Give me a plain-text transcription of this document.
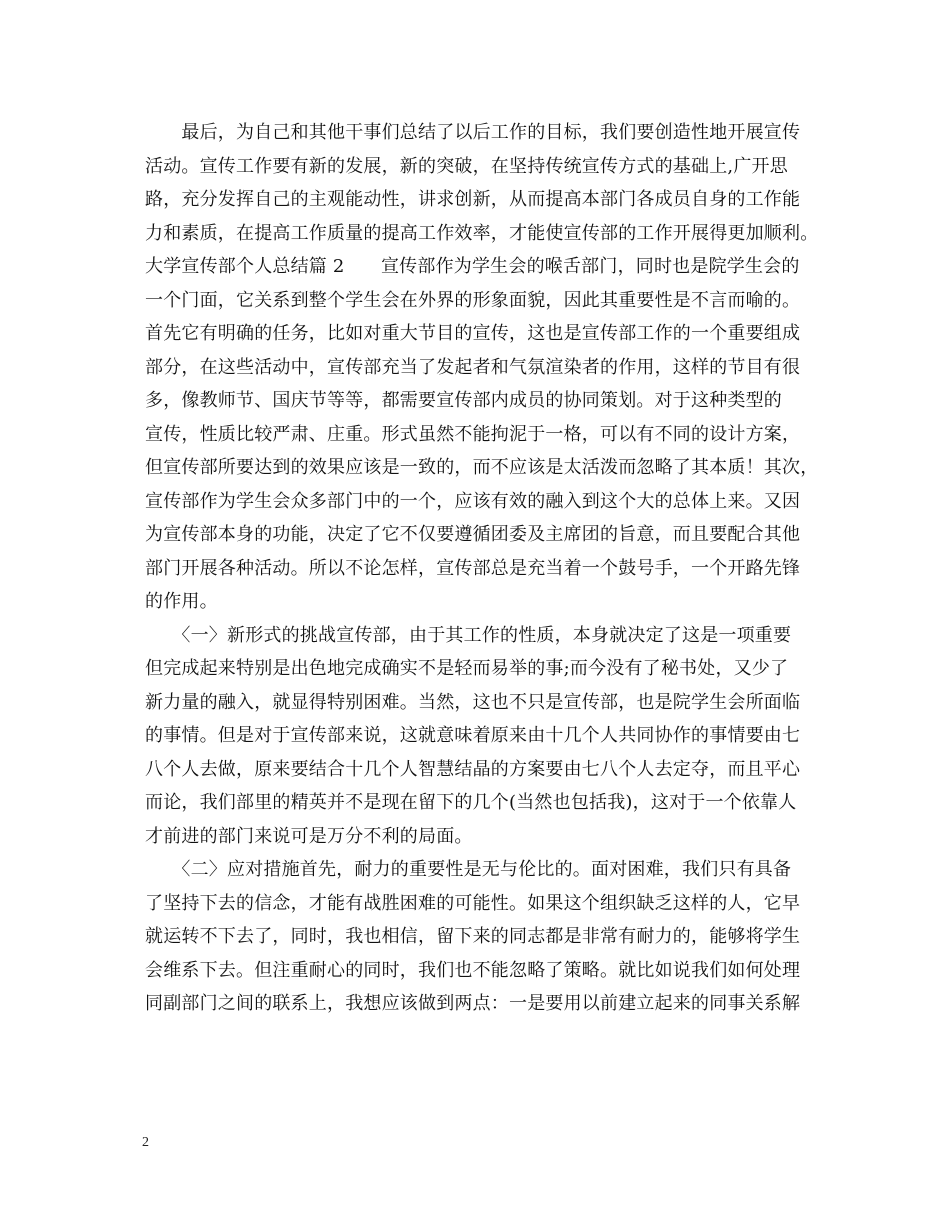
　　最后，为自己和其他干事们总结了以后工作的目标，我们要创造性地开展宣传
活动。宣传工作要有新的发展，新的突破，在坚持传统宣传方式的基础上,广开思
路，充分发挥自己的主观能动性，讲求创新，从而提高本部门各成员自身的工作能
力和素质，在提高工作质量的提高工作效率，才能使宣传部的工作开展得更加顺利。
大学宣传部个人总结篇 2　　宣传部作为学生会的喉舌部门，同时也是院学生会的
一个门面，它关系到整个学生会在外界的形象面貌，因此其重要性是不言而喻的。
首先它有明确的任务，比如对重大节目的宣传，这也是宣传部工作的一个重要组成
部分，在这些活动中，宣传部充当了发起者和气氛渲染者的作用，这样的节目有很
多，像教师节、国庆节等等，都需要宣传部内成员的协同策划。对于这种类型的
宣传，性质比较严肃、庄重。形式虽然不能拘泥于一格，可以有不同的设计方案，
但宣传部所要达到的效果应该是一致的，而不应该是太活泼而忽略了其本质！其次，
宣传部作为学生会众多部门中的一个，应该有效的融入到这个大的总体上来。又因
为宣传部本身的功能，决定了它不仅要遵循团委及主席团的旨意，而且要配合其他
部门开展各种活动。所以不论怎样，宣传部总是充当着一个鼓号手，一个开路先锋
的作用。
　　〈一〉新形式的挑战宣传部，由于其工作的性质，本身就决定了这是一项重要
但完成起来特别是出色地完成确实不是轻而易举的事;而今没有了秘书处，又少了
新力量的融入，就显得特别困难。当然，这也不只是宣传部，也是院学生会所面临
的事情。但是对于宣传部来说，这就意味着原来由十几个人共同协作的事情要由七
八个人去做，原来要结合十几个人智慧结晶的方案要由七八个人去定夺，而且平心
而论，我们部里的精英并不是现在留下的几个(当然也包括我)，这对于一个依靠人
才前进的部门来说可是万分不利的局面。
　　〈二〉应对措施首先，耐力的重要性是无与伦比的。面对困难，我们只有具备
了坚持下去的信念，才能有战胜困难的可能性。如果这个组织缺乏这样的人，它早
就运转不下去了，同时，我也相信，留下来的同志都是非常有耐力的，能够将学生
会维系下去。但注重耐心的同时，我们也不能忽略了策略。就比如说我们如何处理
同副部门之间的联系上，我想应该做到两点：一是要用以前建立起来的同事关系解
2
